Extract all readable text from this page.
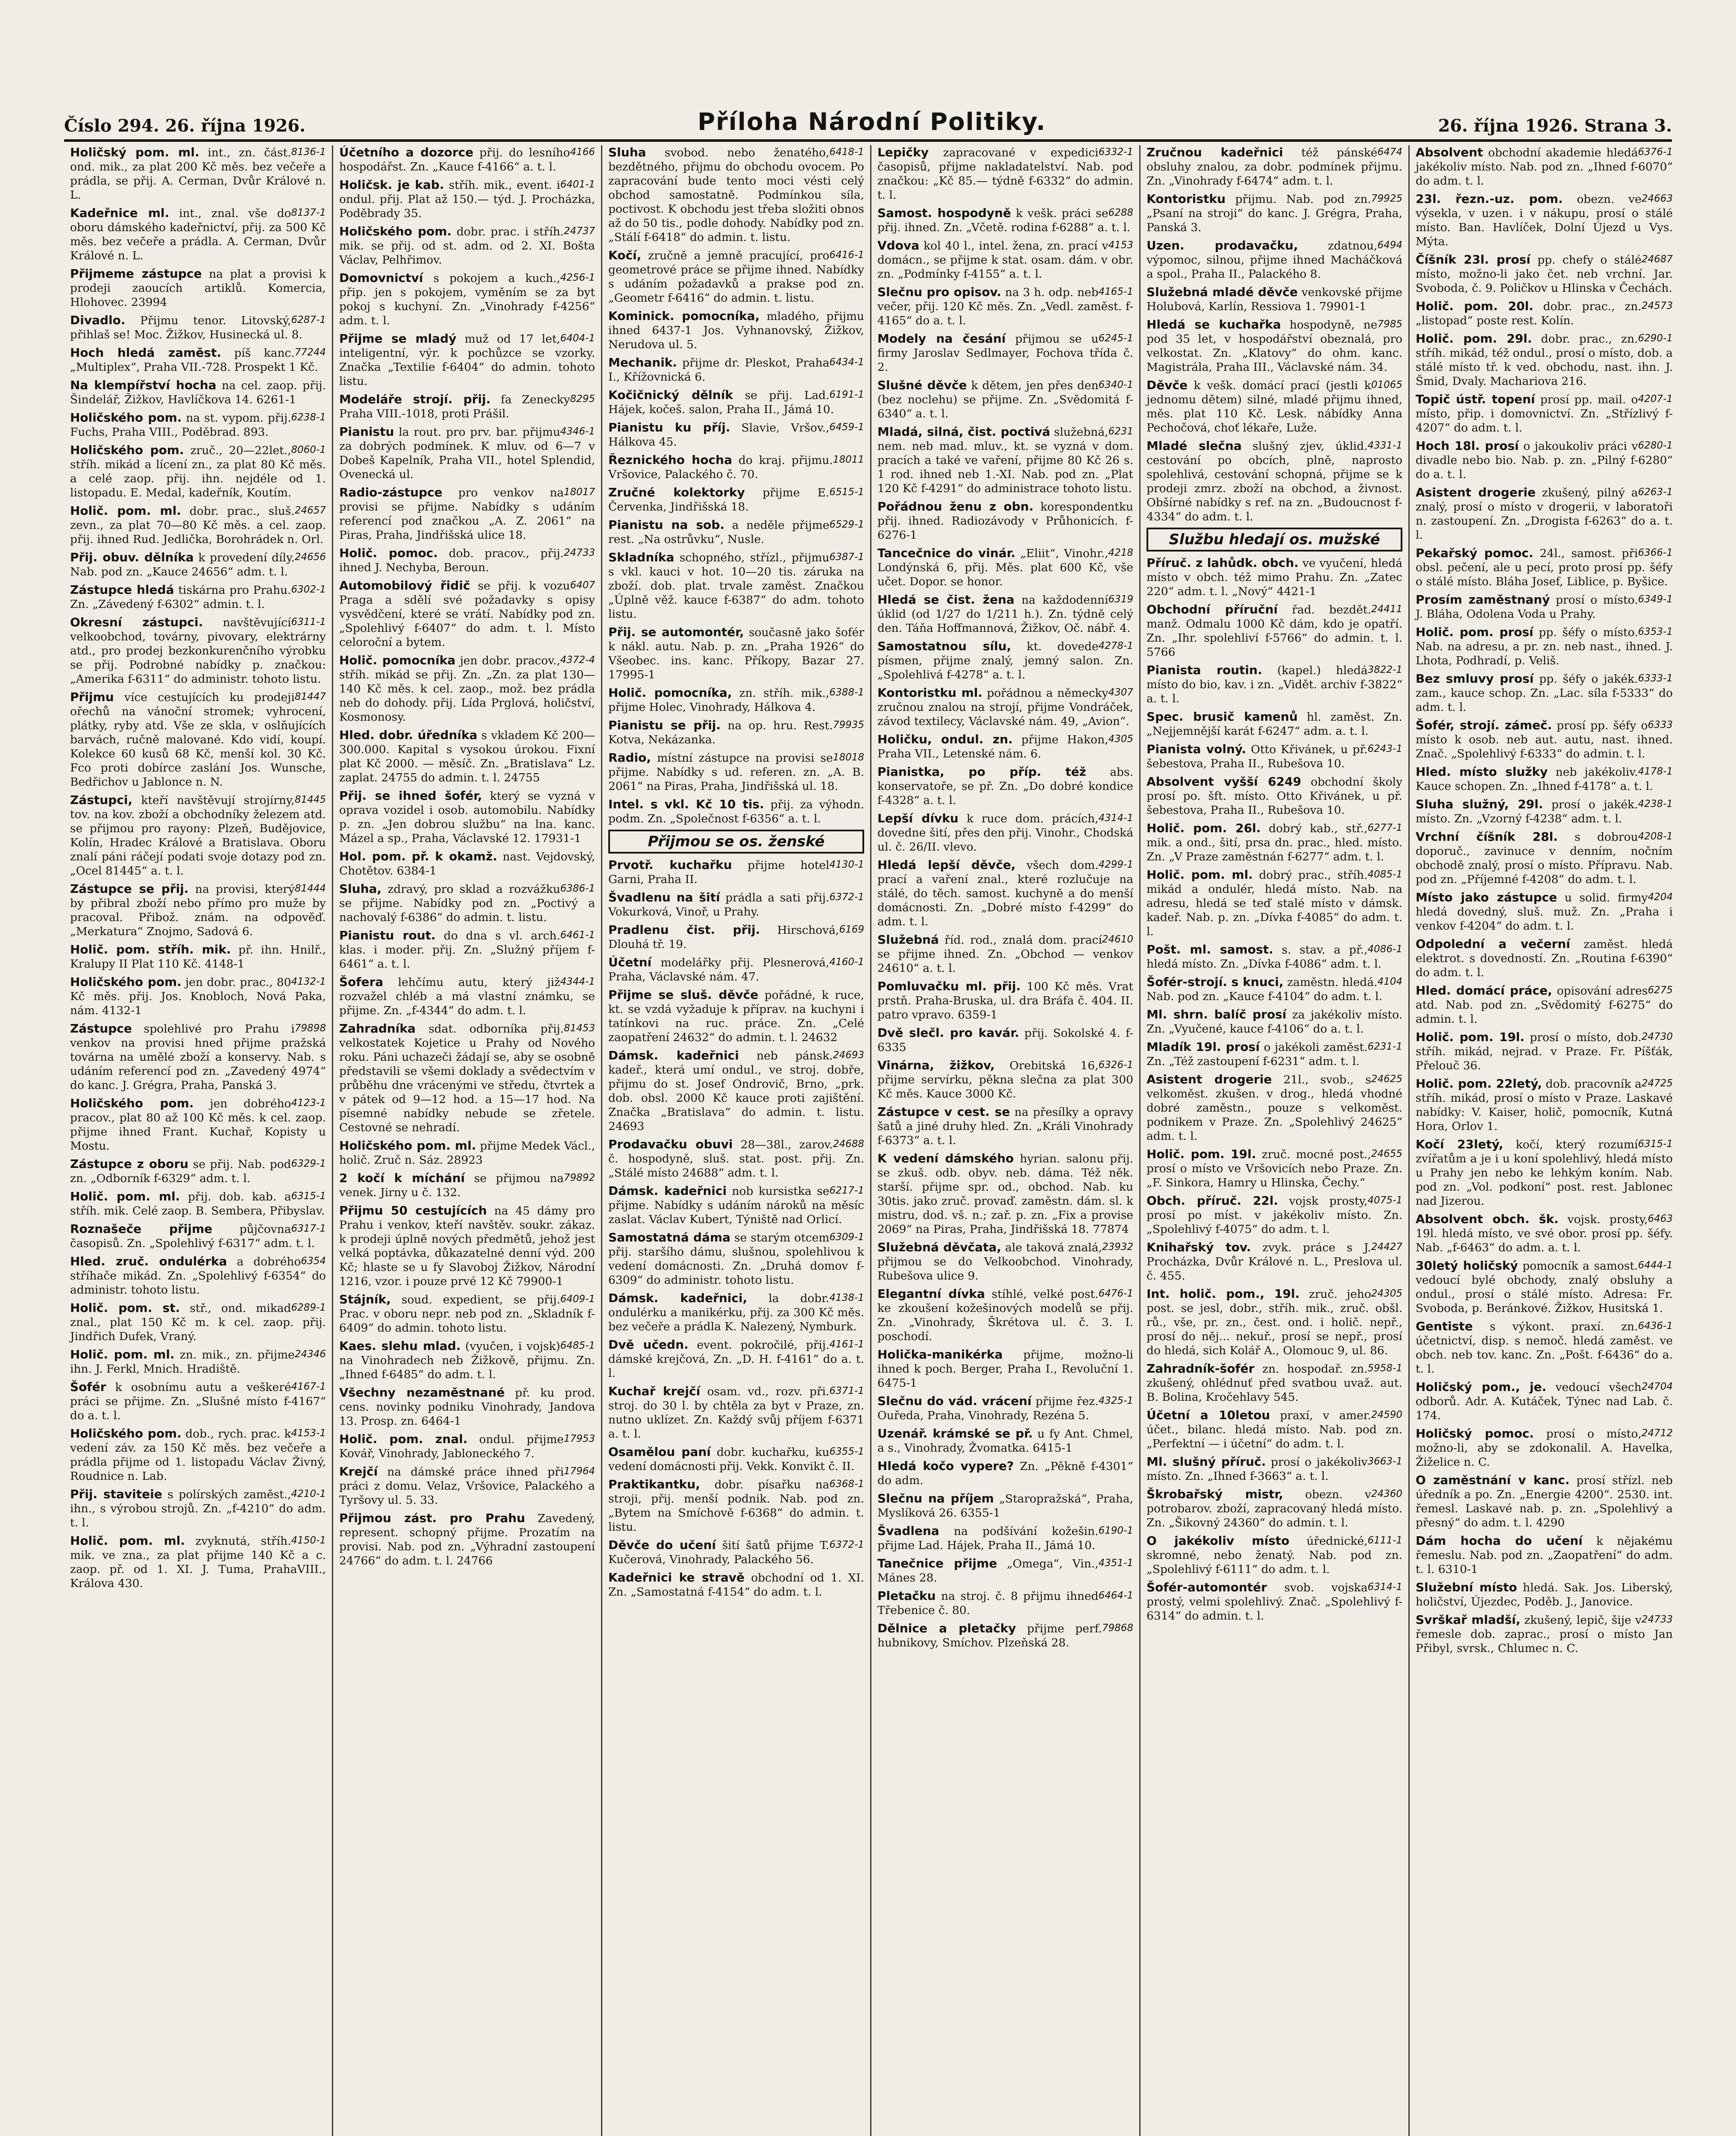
Číslo 294. 26. října 1926.	Příloha Národní Politiky.	26. října 1926. Strana 3.
Holičský pom. ml.	8136-1
int., zn. část. ond. mik., za plat 200 Kč měs. bez večeře a prádla, se přij. A. Cerman, Dvůr Králové n. L.
Kadeřnice ml.	8137-1
int., znal. vše do oboru dámského kadeřnictví, přij. za 500 Kč měs. bez večeře a prádla. A. Cerman, Dvůr Králové n. L.
Přijmeme zástupce na plat a provisi k prodeji zaoucích artiklů. Komercia, Hlohovec. 23994
Divadlo.	6287-1
Přijmu tenor. Litovský, přihlaš se! Moc. Žižkov, Husinecká ul. 8.
Hoch hledá zaměst.	77244
píš kanc. „Multiplex“, Praha VII.-728. Prospekt 1 Kč.
Na klempířství hocha na cel. zaop. přij. Šindelář, Žižkov, Havlíčkova 14. 6261-1
Holičského pom.	6238-1
na st. vypom. přij. Fuchs, Praha VIII., Poděbrad. 893.
Holičského pom.	8060-1
zruč., 20—22let., stříh. mikád a lícení zn., za plat 80 Kč měs. a celé zaop. přij. ihn. nejdéle od 1. listopadu. E. Medal, kadeřník, Koutím.
Holič. pom. ml.	24657
dobr. prac., sluš. zevn., za plat 70—80 Kč měs. a cel. zaop. přij. ihned Rud. Jedlička, Borohrádek n. Orl.
Přij. obuv. dělníka	24656
k provedení díly. Nab. pod zn. „Kauce 24656“ adm. t. l.
Zástupce hledá	6302-1
tiskárna pro Prahu. Zn. „Závedený f-6302“ admin. t. l.
Okresní zástupci.	6311-1
navštěvující velkoobchod, továrny, pivovary, elektrárny atd., pro prodej bezkonkurenčního výrobku se přij. Podrobné nabídky p. značkou: „Amerika f-6311“ do administr. tohoto listu.
Přijmu	81447
více cestujících ku prodeji ořechů na vánoční stromek; vyhrocení, plátky, ryby atd. Vše ze skla, v oslňujících barvách, ručně malované. Kdo vidí, koupí. Kolekce 60 kusů 68 Kč, menší kol. 30 Kč. Fco proti dobírce zaslání Jos. Wunsche, Bedřichov u Jablonce n. N.
Zástupci,	81445
kteří navštěvují strojírny, tov. na kov. zboží a obchodníky železem atd. se přijmou pro rayony: Plzeň, Budějovice, Kolín, Hradec Králové a Bratislava. Oboru znalí páni ráčejí podati svoje dotazy pod zn. „Ocel 81445“ a. t. l.
Zástupce se přij.	81444
na provisi, který by přibral zboží nebo přímo pro muže by pracoval. Přibož. znám. na odpověď. „Merkatura“ Znojmo, Sadová 6.
Holič. pom. stříh. mik. př. ihn. Hnilř., Kralupy II Plat 110 Kč. 4148-1
Holičského pom.	4132-1
jen dobr. prac., 80 Kč měs. přij. Jos. Knobloch, Nová Paka, nám. 4132-1
Zástupce	79898
spolehlivé pro Prahu i venkov na provisi hned přijme pražská továrna na umělé zboží a konservy. Nab. s udáním referencí pod zn. „Zavedený 4974“ do kanc. J. Grégra, Praha, Panská 3.
Holičského pom.	4123-1
jen dobrého pracov., plat 80 až 100 Kč měs. k cel. zaop. přijme ihned Frant. Kuchař, Kopisty u Mostu.
Zástupce z oboru	6329-1
se přij. Nab. pod zn. „Odborník f-6329“ adm. t. l.
Holič. pom. ml.	6315-1
přij. dob. kab. a stříh. mik. Celé zaop. B. Sembera, Přibyslav.
Roznašeče přijme	6317-1
půjčovna časopisů. Zn. „Spolehlivý f-6317“ adm. t. l.
Hled. zruč. ondulérka	6354
a dobrého stříhače mikád. Zn. „Spolehlivý f-6354“ do administr. tohoto listu.
Holič. pom. st.	6289-1
stř., ond. mikad znal., plat 150 Kč m. k cel. zaop. přij. Jindřich Dufek, Vraný.
Holič. pom. ml.	24346
zn. mik., zn. přijme ihn. J. Ferkl, Mnich. Hradiště.
Šofér	4167-1
k osobnímu autu a veškeré práci se přijme. Zn. „Slušné místo f-4167“ do a. t. l.
Holičského pom.	4153-1
dob., rych. prac. k vedení záv. za 150 Kč měs. bez večeře a prádla přijme od 1. listopadu Václav Živný, Roudnice n. Lab.
Přij. staviteie	4210-1
s polírských zaměst., ihn., s výrobou strojů. Zn. „f-4210“ do adm. t. l.
Holič. pom. ml.	4150-1
zvyknutá, stříh. mik. ve zna., za plat přijme 140 Kč a c. zaop. př. od 1. XI. J. Tuma, PrahaVIII., Králova 430.
Účetního a dozorce	4166
přij. do lesního hospodářst. Zn. „Kauce f-4166“ a. t. l.
Holičsk. je kab.	6401-1
stříh. mik., event. i ondul. přij. Plat až 150.— týd. J. Procházka, Poděbrady 35.
Holičského pom.	24737
dobr. prac. i stříh. mik. se přij. od st. adm. od 2. XI. Bošta Václav, Pelhřimov.
Domovnictví	4256-1
s pokojem a kuch., přip. jen s pokojem, vyměním se za byt pokoj s kuchyní. Zn. „Vinohrady f-4256“ adm. t. l.
Přijme se mladý	6404-1
muž od 17 let, inteligentní, výr. k pochůzce se vzorky. Značka „Textilie f-6404“ do admin. tohoto listu.
Modeláře strojí. přij.	8295
fa Zenecky Praha VIII.-1018, proti Prášil.
Pianistu	4346-1
la rout. pro prv. bar. přijmu za dobrých podmínek. K mluv. od 6—7 v Dobeš Kapelník, Praha VII., hotel Splendid, Ovenecká ul.
Radio-zástupce	18017
pro venkov na provisi se přijme. Nabídky s udáním referencí pod značkou „A. Z. 2061“ na Piras, Praha, Jindřišská ulice 18.
Holič. pomoc.	24733
dob. pracov., přij. ihned J. Nechyba, Beroun.
Automobilový řidič	6407
se přij. k vozu Praga a sdělí své požadavky s opisy vysvědčení, které se vrátí. Nabídky pod zn. „Spolehlivý f-6407“ do adm. t. l. Místo celoroční a bytem.
Holič. pomocníka	4372-4
jen dobr. pracov., stříh. mikád se přij. Zn. „Zn. za plat 130—140 Kč měs. k cel. zaop., mož. bez prádla neb do dohody. přij. Lída Prglová, holičství, Kosmonosy.
Hled. dobr. úředníka s vkladem Kč 200—300.000. Kapital s vysokou úrokou. Fixní plat Kč 2000. — měsíč. Zn. „Bratislava“ Lz. zaplat. 24755 do admin. t. l. 24755
Přij. se ihned šofér, který se vyzná v oprava vozidel i osob. automobilu. Nabídky p. zn. „Jen dobrou službu“ na lna. kanc. Mázel a sp., Praha, Václavské 12. 17931-1
Hol. pom. př. k okamž. nast. Vejdovský, Chotětov. 6384-1
Sluha,	6386-1
zdravý, pro sklad a rozvážku se přijme. Nabídky pod zn. „Poctivý a nachovalý f-6386“ do admin. t. listu.
Pianistu rout.	6461-1
do dna s vl. arch. klas. i moder. přij. Zn. „Služný příjem f-6461“ a. t. l.
Šofera	4344-1
lehčímu autu, který již rozvažel chléb a má vlastní známku, se přijme. Zn. „f-4344“ do adm. t. l.
Zahradníka	81453
sdat. odborníka přij. velkostatek Kojetice u Prahy od Nového roku. Páni uchazeči žádají se, aby se osobně představili se všemi doklady a svědectvím v průběhu dne vrácenými ve středu, čtvrtek a v pátek od 9—12 hod. a 15—17 hod. Na písemné nabídky nebude se zřetele. Cestovné se nehradí.
Holičského pom. ml. přijme Medek Václ., holič. Zruč n. Sáz. 28923
2 kočí k míchání	79892
se přijmou na venek. Jirny u č. 132.
Přijmu 50 cestujících na 45 dámy pro Prahu i venkov, kteří navštěv. soukr. zákaz. k prodeji úplně nových předmětů, jehož jest velká poptávka, důkazatelné denní výd. 200 Kč; hlaste se u fy Slavoboj Žižkov, Národní 1216, vzor. i pouze prvé 12 Kč 79900-1
Stájník,	6409-1
soud. expedient, se přij. Prac. v oboru nepr. neb pod zn. „Skladník f-6409“ do admin. tohoto listu.
Kaes. slehu mlad.	6485-1
(vyučen, i vojsk) na Vinohradech neb Žižkově, přijmu. Zn. „Ihned f-6485“ do adm. t. l.
Všechny nezaměstnané př. ku prod. cens. novinky podniku Vinohrady, Jandova 13. Prosp. zn. 6464-1
Holič. pom. znal.	17953
ondul. přijme Kovář, Vinohrady, Jabloneckého 7.
Krejčí	17964
na dámské práce ihned při práci z domu. Velaz, Vršovice, Palackého a Tyršovy ul. 5. 33.
Přijmou zást. pro Prahu Zavedený, represent. schopný přijme. Prozatím na provisi. Nab. pod zn. „Výhradní zastoupení 24766“ do adm. t. l. 24766
Sluha	6418-1
svobod. nebo ženatého, bezdětného, přijmu do obchodu ovocem. Po zapracování bude tento moci vésti celý obchod samostatně. Podmínkou síla, poctivost. K obchodu jest třeba složiti obnos až do 50 tis., podle dohody. Nabídky pod zn. „Stálí f-6418“ do admin. t. listu.
Kočí,	6416-1
zručně a jemně pracující, pro geometrové práce se přijme ihned. Nabídky s udáním požadavků a prakse pod zn. „Geometr f-6416“ do admin. t. listu.
Kominick. pomocníka, mladého, přijmu ihned 6437-1 Jos. Vyhnanovský, Žižkov, Nerudova ul. 5.
Mechanik.	6434-1
přijme dr. Pleskot, Praha I., Křížovnická 6.
Kočičnický dělník	6191-1
se přij. Lad. Hájek, kočeš. salon, Praha II., Jámá 10.
Pianistu ku příj.	6459-1
Slavie, Vršov., Hálkova 45.
Řeznického hocha	18011
do kraj. přijmu. Vršovice, Palackého č. 70.
Zručné kolektorky	6515-1
přijme E. Červenka, Jindřišská 18.
Pianistu na sob.	6529-1
a neděle přijme rest. „Na ostrůvku“, Nusle.
Skladníka	6387-1
schopného, střízl., přijmu s vkl. kauci v hot. 10—20 tis. záruka na zboží. dob. plat. trvale zaměst. Značkou „Úplně věž. kauce f-6387“ do adm. tohoto listu.
Přij. se automontér, současně jako šofér k nákl. autu. Nab. p. zn. „Praha 1926“ do Všeobec. ins. kanc. Příkopy, Bazar 27. 17995-1
Holič. pomocníka,	6388-1
zn. stříh. mik., přijme Holec, Vinohrady, Hálkova 4.
Pianistu se přij.	79935
na op. hru. Rest. Kotva, Nekázanka.
Radio,	18018
místní zástupce na provisi se přijme. Nabídky s ud. referen. zn. „A. B. 2061“ na Piras, Praha, Jindřišská ul. 18.
Intel. s vkl. Kč 10 tis. přij. za výhodn. podm. Zn. „Společnost f-6356“ a. t. l.
Přijmou se os. ženské
Prvotř. kuchařku	4130-1
přijme hotel Garni, Praha II.
Švadlenu na šití	6372-1
prádla a sati přij. Vokurková, Vinoř, u Prahy.
Pradlenu čist. přij.	6169
Hirschová, Dlouhá tř. 19.
Účetní	4160-1
modelářky přij. Plesnerová, Praha, Václavské nám. 47.
Přijme se sluš. děvče pořádné, k ruce, kt. se vzdá vyžaduje k příprav. na kuchyni i tatínkovi na ruc. práce. Zn. „Celé zaopatření 24632“ do admin. t. l. 24632
Dámsk. kadeřnici	24693
neb pánsk. kadeř., která umí ondul., ve stroj. dobře, přijmu do st. Josef Ondrovič, Brno, „prk. dob. obsl. 2000 Kč kauce proti zajištění. Značka „Bratislava“ do admin. t. listu. 24693
Prodavačku obuvi	24688
28—38l., zarov. č. hospodyně, sluš. stat. post. přij. Zn. „Stálé místo 24688“ adm. t. l.
Dámsk. kadeřnici	6217-1
nob kursistka se přijme. Nabídky s udáním nároků na měsíc zaslat. Václav Kubert, Týniště nad Orlicí.
Samostatná dáma	6309-1
se starým otcem přij. staršího dámu, slušnou, spolehlivou k vedení domácnosti. Zn. „Druhá domov f-6309“ do administr. tohoto listu.
Dámsk. kadeřnici,	4138-1
la dobr. ondulérku a manikérku, přij. za 300 Kč měs. bez večeře a prádla K. Nalezený, Nymburk.
Dvě učedn.	4161-1
event. pokročilé, přij. dámské krejčová, Zn. „D. H. f-4161“ do a. t. l.
Kuchař krejčí	6371-1
osam. vd., rozv. při. stroj. do 30 l. by chtěla za byt v Praze, zn. nutno uklízet. Zn. Každý svůj příjem f-6371 a. t. l.
Osamělou paní	6355-1
dobr. kuchařku, ku vedení domácnosti přij. Vekk. Konvikt č. II.
Praktikantku,	6368-1
dobr. písařku na stroji, přij. menší podnik. Nab. pod zn. „Bytem na Smíchově f-6368“ do admin. t. listu.
Děvče do učení	6372-1
šití šatů přijme T. Kučerová, Vinohrady, Palackého 56.
Kadeřnici ke stravě obchodní od 1. XI. Zn. „Samostatná f-4154“ do adm. t. l.
Lepičky	6332-1
zapracované v expedici časopisů, přijme nakladatelství. Nab. pod značkou: „Kč 85.— týdně f-6332“ do admin. t. l.
Samost. hospodyně	6288
k vešk. práci se přij. ihned. Zn. „Včetě. rodina f-6288“ a. t. l.
Vdova	4153
kol 40 l., intel. žena, zn. prací v domácn., se přijme k stat. osam. dám. v obr. zn. „Podmínky f-4155“ a. t. l.
Slečnu pro opisov.	4165-1
na 3 h. odp. neb večer, přij. 120 Kč měs. Zn. „Vedl. zaměst. f-4165“ do a. t. l.
Modely na česání	6245-1
přijmou se u firmy Jaroslav Sedlmayer, Fochova třída č. 2.
Slušné děvče	6340-1
k dětem, jen přes den (bez noclehu) se přijme. Zn. „Svědomitá f-6340“ a. t. l.
Mladá, silná, čist. poctivá	6231
služebná, nem. neb mad. mluv., kt. se vyzná v dom. pracích a také ve vaření, přijme 80 Kč 26 s. 1 rod. ihned neb 1.-XI. Nab. pod zn. „Plat 120 Kč f-4291“ do administrace tohoto listu.
Pořádnou ženu z obn. korespondentku přij. ihned. Radiozávody v Průhonicích. f-6276-1
Tancečnice do vinár.	4218
„Eliit“, Vinohr., Londýnská 6, přij. Měs. plat 600 Kč, vše učet. Dopor. se honor.
Hledá se čist. žena	6319
na každodenní úklid (od 1/27 do 1/211 h.). Zn. týdně celý den. Táňa Hoffmannová, Žižkov, Oč. nábř. 4.
Samostatnou sílu,	4278-1
kt. dovede písmen, přijme znalý, jemný salon. Zn. „Spolehlivá f-4278“ a. t. l.
Kontoristku ml.	4307
pořádnou a německy zručnou znalou na strojí, přijme Vondráček, závod textilecy, Václavské nám. 49, „Avion“.
Holičku, ondul. zn.	4305
přijme Hakon, Praha VII., Letenské nám. 6.
Pianistka, po příp. též abs. konservatoře, se př. Zn. „Do dobré kondice f-4328“ a. t. l.
Lepší dívku	4314-1
k ruce dom. prácích, dovedne šití, přes den přij. Vinohr., Chodská ul. č. 26/II. vlevo.
Hledá lepší děvče,	4299-1
všech dom. prací a vaření znal., které rozlučuje na stálé, do těch. samost. kuchyně a do menší domácnosti. Zn. „Dobré místo f-4299“ do adm. t. l.
Služebná	24610
říd. rod., znalá dom. prací se přijme ihned. Zn. „Obchod — venkov 24610“ a. t. l.
Pomluvačku ml. přij. 100 Kč měs. Vrat prstň. Praha-Bruska, ul. dra Bráfa č. 404. II. patro vpravo. 6359-1
Dvě slečl. pro kavár. přij. Sokolské 4. f-6335
Vinárna, žižkov,	6326-1
Orebitská 16, přijme servírku, pěkna slečna za plat 300 Kč měs. Kauce 3000 Kč.
Zástupce v cest. se na přesílky a opravy šatů a jiné druhy hled. Zn. „Králi Vinohrady f-6373“ a. t. l.
K vedení dámského hyrian. salonu přij. se zkuš. odb. obyv. neb. dáma. Též něk. starší. přijme spr. od., obchod. Nab. ku 30tis. jako zruč. provaď. zaměstn. dám. sl. k mistru, dod. vš. n.; zař. p. zn. „Fix a provise 2069“ na Piras, Praha, Jindřišská 18. 77874
Služebná děvčata,	23932
ale taková znalá, přijmou se do Velkoobchod. Vinohrady, Rubešova ulice 9.
Elegantní dívka	6476-1
stíhlé, velké post. ke zkoušení kožešinových modelů se přij. Zn. „Vinohrady, Škrétova ul. č. 3. I. poschodí.
Holička-manikérka přijme, možno-li ihned k poch. Berger, Praha I., Revoluční 1. 6475-1
Slečnu do vád. vrácení	4325-1
přijme řez. Ouředa, Praha, Vinohrady, Rezéna 5.
Uzenář. krámské se př. u fy Ant. Chmel, a s., Vinohrady, Žvomatka. 6415-1
Hledá kočo vypere? Zn. „Pěkně f-4301“ do adm.
Slečnu na příjem „Staropražská“, Praha, Myslíková 26. 6355-1
Švadlena	6190-1
na podšívání kožešin. přijme Lad. Hájek, Praha II., Jámá 10.
Tanečnice přijme	4351-1
„Omega“, Vin., Mánes 28.
Pletačku	6464-1
na stroj. č. 8 přijmu ihned Třebenice č. 80.
Dělnice a pletačky	79868
přijme perf. hubnikovy, Smíchov. Plzeňská 28.
Zručnou kadeřnici	6474
též pánské obsluhy znalou, za dobr. podmínek přijmu. Zn. „Vinohrady f-6474“ adm. t. l.
Kontoristku	79925
přijmu. Nab. pod zn. „Psaní na stroji“ do kanc. J. Grégra, Praha, Panská 3.
Uzen. prodavačku,	6494
zdatnou, výpomoc, silnou, přijme ihned Macháčková a spol., Praha II., Palackého 8.
Služebná mladé děvče venkovské přijme Holubová, Karlín, Ressiova 1. 79901-1
Hledá se kuchařka	7985
hospodyně, ne pod 35 let, v hospodářství obeznalá, pro velkostat. Zn. „Klatovy“ do ohm. kanc. Magistrála, Praha III., Václavské nám. 34.
Děvče	01065
k vešk. domácí prací (jestli k jednomu dětem) silné, mladé přijmu ihned, měs. plat 110 Kč. Lesk. nábídky Anna Pechočová, choť lékaře, Luže.
Mladé slečna	4331-1
slušný zjev, úklid. cestování po obcích, plně, naprosto spolehlivá, cestování schopná, přijme se k prodeji zmrz. zboží na obchod, a živnost. Obšírné nabídky s ref. na zn. „Budoucnost f-4334“ do adm. t. l.
Službu hledají os. mužské
Příruč. z lahůdk. obch. ve vyučení, hledá místo v obch. též mimo Prahu. Zn. „Zatec 220“ adm. t. l. „Nový“ 4421-1
Obchodní příruční	24411
řad. bezdět. manž. Odmalu 1000 Kč dám, kdo je opatří. Zn. „Ihr. spolehliví f-5766“ do admin. t. l. 5766
Pianista routin.	3822-1
(kapel.) hledá místo do bio, kav. i zn. „Vidět. archiv f-3822“ a. t. l.
Spec. brusič kamenů hl. zaměst. Zn. „Nejjemnější karát f-6247“ adm. a. t. l.
Pianista volný.	6243-1
Otto Křivánek, u př. šebestova, Praha II., Rubešova 10.
Absolvent vyšší 6249 obchodní školy prosí po. šft. místo. Otto Křivánek, u př. šebestova, Praha II., Rubešova 10.
Holič. pom. 26l.	6277-1
dobrý kab., stř., mik. a ond., šití, prsa dn. prac., hled. místo. Zn. „V Praze zaměstnán f-6277“ adm. t. l.
Holič. pom. ml.	4085-1
dobrý prac., stříh. mikád a ondulér, hledá místo. Nab. na adresu, hledá se teď stalé místo v dámsk. kadeř. Nab. p. zn. „Dívka f-4085“ do adm. t. l.
Pošt. ml. samost.	4086-1
s. stav. a př., hledá místo. Zn. „Dívka f-4086“ adm. t. l.
Šofér-strojí. s knuci,	4104
zaměstn. hledá. Nab. pod zn. „Kauce f-4104“ do adm. t. l.
Ml. shrn. balíč prosí za jakékoliv místo. Zn. „Vyučené, kauce f-4106“ do a. t. l.
Mladík 19l. prosí	6231-1
o jakékoli zaměst. Zn. „Též zastoupení f-6231“ adm. t. l.
Asistent drogerie	24625
21l., svob., s velkoměst. zkušen. v drog., hledá vhodné dobré zaměstn., pouze s velkoměst. podnikem v Praze. Zn. „Spolehlivý 24625“ adm. t. l.
Holič. pom. 19l.	24655
zruč. mocné post., prosí o místo ve Vršovicích nebo Praze. Zn. „F. Sinkora, Hamry u Hlinska, Čechy.“
Obch. příruč. 22l.	4075-1
vojsk prosty, prosí po míst. v jakékoliv místo. Zn. „Spolehlivý f-4075“ do adm. t. l.
Knihařský tov.	24427
zvyk. práce s J. Procházka, Dvůr Králové n. L., Preslova ul. č. 455.
Int. holič. pom., 19l.	24305
zruč. jeho post. se jesl, dobr., stříh. mik., zruč. obšl. rů., vše, pr. zn., čest. ond. i holič. nepř., prosí do něj... nekuř., prosí se nepř., prosí do hledá, sich Kolář A., Olomouc 9, ul. 86.
Zahradník-šofér	5958-1
zn. hospodař. zn. zkušený, ohlédnuť před svatbou uvaž. aut. B. Bolina, Kročehlavy 545.
Účetní a 10letou	24590
praxí, v amer. účet., bilanc. hledá místo. Nab. pod zn. „Perfektní — i účetní“ do adm. t. l.
Ml. slušný příruč.	3663-1
prosí o jakékoliv místo. Zn. „Ihned f-3663“ a. t. l.
Škrobařský mistr,	24360
obezn. v potrobarov. zboží, zapracovaný hledá místo. Zn. „Šikovný 24360“ do admin. t. l.
O jakékoliv místo	6111-1
úřednické, skromné, nebo ženatý. Nab. pod zn. „Spolehlivý f-6111“ do adm. t. l.
Šofér-automontér	6314-1
svob. vojska prostý, velmi spolehlivý. Znač. „Spolehlivý f-6314“ do admin. t. l.
Absolvent	6376-1
obchodní akademie hledá jakékoliv místo. Nab. pod zn. „Ihned f-6070“ do adm. t. l.
23l. řezn.-uz. pom.	24663
obezn. ve výsekla, v uzen. i v nákupu, prosí o stálé místo. Ban. Havlíček, Dolní Újezd u Vys. Mýta.
Číšník 23l. prosí	24687
pp. chefy o stálé místo, možno-li jako čet. neb vrchní. Jar. Svoboda, č. 9. Poličkov u Hlinska v Čechách.
Holič. pom. 20l.	24573
dobr. prac., zn. „listopad“ poste rest. Kolín.
Holič. pom. 29l.	6290-1
dobr. prac., zn. stříh. mikád, též ondul., prosí o místo, dob. a stálé místo tř. k ved. obchodu, nast. ihn. J. Šmid, Dvaly. Machariova 216.
Topič ústř. topení	4207-1
prosí pp. mail. o místo, přip. i domovnictví. Zn. „Střízlivý f-4207“ do adm. t. l.
Hoch 18l. prosí	6280-1
o jakoukoliv práci v divadle nebo bio. Nab. p. zn. „Pilný f-6280“ do a. t. l.
Asistent drogerie	6263-1
zkušený, pilný a znalý, prosí o místo v drogerii, v laboratoři n. zastoupení. Zn. „Drogista f-6263“ do a. t. l.
Pekařský pomoc.	6366-1
24l., samost. při obsl. pečení, ale u pecí, proto prosí pp. šéfy o stálé místo. Bláha Josef, Liblice, p. Byšice.
Prosím zaměstnaný	6349-1
prosí o místo. J. Bláha, Odolena Voda u Prahy.
Holič. pom. prosí	6353-1
pp. šéfy o místo. Nab. na adresu, a pr. zn. neb nast., ihned. J. Lhota, Podhradí, p. Veliš.
Bez smluvy prosí	6333-1
pp. šéfy o jakék. zam., kauce schop. Zn. „Lac. síla f-5333“ do adm. t. l.
Šofér, strojí. zámeč.	6333
prosí pp. šéfy o místo k osob. neb aut. autu, nast. ihned. Znač. „Spolehlivý f-6333“ do admin. t. l.
Hled. místo služky	4178-1
neb jakékoliv. Kauce schopen. Zn. „Ihned f-4178“ a. t. l.
Sluha služný, 29l.	4238-1
prosí o jakék. místo. Zn. „Vzorný f-4238“ adm. t. l.
Vrchní číšník 28l.	4208-1
s dobrou doporuč., zavinuce v denním, nočním obchodě znalý, prosí o místo. Přípravu. Nab. pod zn. „Příjemné f-4208“ do adm. t. l.
Místo jako zástupce	4204
u solid. firmy hledá dovedný, sluš. muž. Zn. „Praha i venkov f-4204“ do adm. t. l.
Odpolední a večerní zaměst. hledá elektrot. s dovedností. Zn. „Routina f-6390“ do adm. t. l.
Hled. domácí práce,	6275
opisování adres atd. Nab. pod zn. „Svědomitý f-6275“ do admin. t. l.
Holič. pom. 19l.	24730
prosí o místo, dob. stříh. mikád, nejrad. v Praze. Fr. Píšťák, Přelouč 36.
Holič. pom. 22letý,	24725
dob. pracovník a stříh. mikád, prosí o místo v Praze. Laskavé nabídky: V. Kaiser, holič, pomocník, Kutná Hora, Orlov 1.
Kočí 23letý,	6315-1
kočí, který rozumí zvířatům a je i u koní spolehlivý, hledá místo u Prahy jen nebo ke lehkým koním. Nab. pod zn. „Vol. podkoní“ post. rest. Jablonec nad Jizerou.
Absolvent obch. šk.	6463
vojsk. prosty, 19l. hledá místo, ve své obor. prosí pp. šéfy. Nab. „f-6463“ do adm. a. t. l.
30letý holičský	6444-1
pomocník a samost. vedoucí bylé obchody, znalý obsluhy a ondul., prosí o stálé místo. Adresa: Fr. Svoboda, p. Beránkové. Žižkov, Husitská 1.
Gentiste	6436-1
s výkont. praxí. zn. účetnictví, disp. s nemoč. hledá zaměst. ve obch. neb tov. kanc. Zn. „Pošt. f-6436“ do a. t. l.
Holičský pom., je.	24704
vedoucí všech odborů. Adr. A. Kutáček, Týnec nad Lab. č. 174.
Holičský pomoc.	24712
prosí o místo, možno-li, aby se zdokonalil. A. Havelka, Žiželice n. C.
O zaměstnání v kanc. prosí střízl. neb úředník a po. Zn. „Energie 4200“. 2530. int. řemesl. Laskavé nab. p. zn. „Spolehlivý a přesný“ do adm. t. l. 4290
Dám hocha do učení k nějakému řemeslu. Nab. pod zn. „Zaopatření“ do adm. t. l. 6310-1
Služební místo hledá. Sak. Jos. Liberský, holičství, Újezdec, Poděb. J., Janovice.
Svrškař mladší,	24733
zkušený, lepič, šije v řemesle dob. zaprac., prosí o místo Jan Přibyl, svrsk., Chlumec n. C.
